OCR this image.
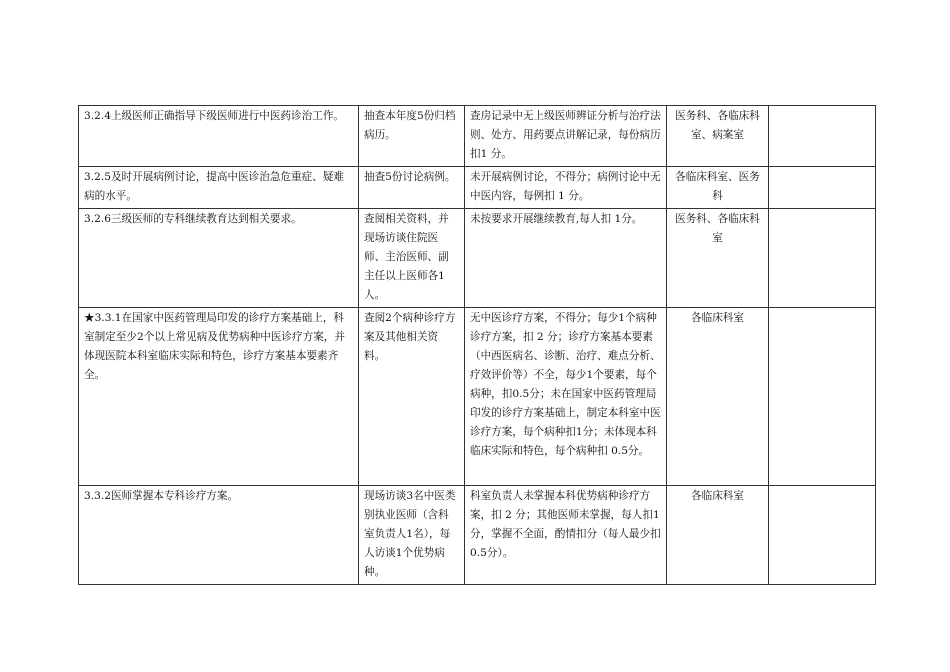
3.2.4上级医师正确指导下级医师进行中医药诊治工作。	抽查本年度5份归档病历。	查房记录中无上级医师辨证分析与治疗法则、处方、用药要点讲解记录，每份病历扣1 分。	医务科、各临床科室、病案室	
3.2.5及时开展病例讨论，提高中医诊治急危重症、疑难病的水平。	抽查5份讨论病例。	未开展病例讨论，不得分；病例讨论中无中医内容，每例扣 1 分。	各临床科室、医务科	
3.2.6三级医师的专科继续教育达到相关要求。	查阅相关资料，并现场访谈住院医师、主治医师、副主任以上医师各1人。	未按要求开展继续教育,每人扣 1分。	医务科、各临床科室	
★3.3.1在国家中医药管理局印发的诊疗方案基础上，科室制定至少2个以上常见病及优势病种中医诊疗方案，并体现医院本科室临床实际和特色，诊疗方案基本要素齐全。	查阅2个病种诊疗方案及其他相关资料。	无中医诊疗方案，不得分；每少1个病种诊疗方案，扣 2 分；诊疗方案基本要素（中西医病名、诊断、治疗、难点分析、疗效评价等）不全，每少1个要素，每个病种，扣0.5分；未在国家中医药管理局印发的诊疗方案基础上，制定本科室中医诊疗方案，每个病种扣1分；未体现本科临床实际和特色，每个病种扣 0.5分。	各临床科室	
3.3.2医师掌握本专科诊疗方案。	现场访谈3名中医类别执业医师（含科室负责人1名），每人访谈1个优势病种。	科室负责人未掌握本科优势病种诊疗方案，扣 2 分；其他医师未掌握，每人扣1 分，掌握不全面，酌情扣分（每人最少扣0.5分）。	各临床科室	
